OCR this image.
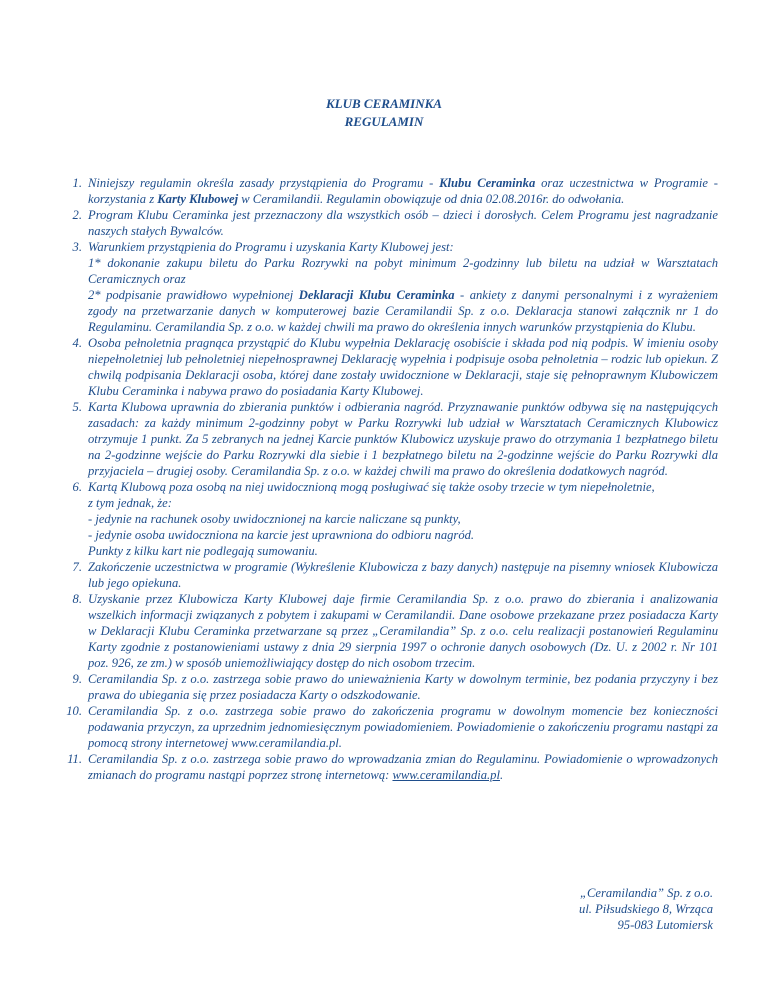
KLUB CERAMINKA
REGULAMIN
1. Niniejszy regulamin określa zasady przystąpienia do Programu - Klubu Ceraminka oraz uczestnictwa w Programie - korzystania z Karty Klubowej w Ceramilandii. Regulamin obowiązuje od dnia 02.08.2016r. do odwołania.
2. Program Klubu Ceraminka jest przeznaczony dla wszystkich osób – dzieci i dorosłych. Celem Programu jest nagradzanie naszych stałych Bywalców.
3. Warunkiem przystąpienia do Programu i uzyskania Karty Klubowej jest:
1* dokonanie zakupu biletu do Parku Rozrywki na pobyt minimum 2-godzinny lub biletu na udział w Warsztatach Ceramicznych oraz
2* podpisanie prawidłowo wypełnionej Deklaracji Klubu Ceraminka - ankiety z danymi personalnymi i z wyrażeniem zgody na przetwarzanie danych w komputerowej bazie Ceramilandii Sp. z o.o. Deklaracja stanowi załącznik nr 1 do Regulaminu. Ceramilandia Sp. z o.o. w każdej chwili ma prawo do określenia innych warunków przystąpienia do Klubu.
4. Osoba pełnoletnia pragnąca przystąpić do Klubu wypełnia Deklarację osobiście i składa pod nią podpis. W imieniu osoby niepełnoletniej lub pełnoletniej niepełnosprawnej Deklarację wypełnia i podpisuje osoba pełnoletnia – rodzic lub opiekun. Z chwilą podpisania Deklaracji osoba, której dane zostały uwidocznione w Deklaracji, staje się pełnoprawnym Klubowiczem Klubu Ceraminka i nabywa prawo do posiadania Karty Klubowej.
5. Karta Klubowa uprawnia do zbierania punktów i odbierania nagród. Przyznawanie punktów odbywa się na następujących zasadach: za każdy minimum 2-godzinny pobyt w Parku Rozrywki lub udział w Warsztatach Ceramicznych Klubowicz otrzymuje 1 punkt. Za 5 zebranych na jednej Karcie punktów Klubowicz uzyskuje prawo do otrzymania 1 bezpłatnego biletu na 2-godzinne wejście do Parku Rozrywki dla siebie i 1 bezpłatnego biletu na 2-godzinne wejście do Parku Rozrywki dla przyjaciela – drugiej osoby. Ceramilandia Sp. z o.o. w każdej chwili ma prawo do określenia dodatkowych nagród.
6. Kartą Klubową poza osobą na niej uwidocznioną mogą posługiwać się także osoby trzecie w tym niepełnoletnie,
z tym jednak, że:
- jedynie na rachunek osoby uwidocznionej na karcie naliczane są punkty,
- jedynie osoba uwidoczniona na karcie jest uprawniona do odbioru nagród.
Punkty z kilku kart nie podlegają sumowaniu.
7. Zakończenie uczestnictwa w programie (Wykreślenie Klubowicza z bazy danych) następuje na pisemny wniosek Klubowicza lub jego opiekuna.
8. Uzyskanie przez Klubowicza Karty Klubowej daje firmie Ceramilandia Sp. z o.o. prawo do zbierania i analizowania wszelkich informacji związanych z pobytem i zakupami w Ceramilandii. Dane osobowe przekazane przez posiadacza Karty w Deklaracji Klubu Ceraminka przetwarzane są przez „Ceramilandia” Sp. z o.o. celu realizacji postanowień Regulaminu Karty zgodnie z postanowieniami ustawy z dnia 29 sierpnia 1997 o ochronie danych osobowych (Dz. U. z 2002 r. Nr 101 poz. 926, ze zm.) w sposób uniemożliwiający dostęp do nich osobom trzecim.
9. Ceramilandia Sp. z o.o. zastrzega sobie prawo do unieważnienia Karty w dowolnym terminie, bez podania przyczyny i bez prawa do ubiegania się przez posiadacza Karty o odszkodowanie.
10. Ceramilandia Sp. z o.o. zastrzega sobie prawo do zakończenia programu w dowolnym momencie bez konieczności podawania przyczyn, za uprzednim jednomiesięcznym powiadomieniem. Powiadomienie o zakończeniu programu nastąpi za pomocą strony internetowej www.ceramilandia.pl.
11. Ceramilandia Sp. z o.o. zastrzega sobie prawo do wprowadzania zmian do Regulaminu. Powiadomienie o wprowadzonych zmianach do programu nastąpi poprzez stronę internetową: www.ceramilandia.pl.
„Ceramilandia” Sp. z o.o.
ul. Piłsudskiego 8, Wrząca
95-083 Lutomiersk
